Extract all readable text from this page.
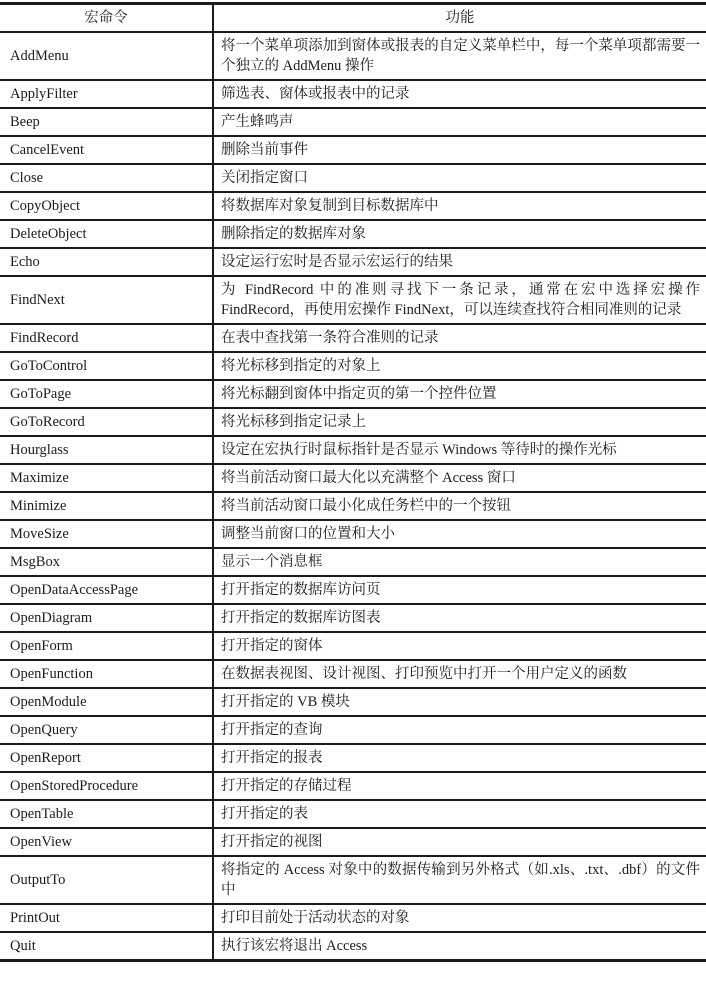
宏命令	功能
AddMenu	将一个菜单项添加到窗体或报表的自定义菜单栏中，每一个菜单项都需要一个独立的 AddMenu 操作
ApplyFilter	筛选表、窗体或报表中的记录
Beep	产生蜂鸣声
CancelEvent	删除当前事件
Close	关闭指定窗口
CopyObject	将数据库对象复制到目标数据库中
DeleteObject	删除指定的数据库对象
Echo	设定运行宏时是否显示宏运行的结果
FindNext	为 FindRecord 中的准则寻找下一条记录，通常在宏中选择宏操作 FindRecord，再使用宏操作 FindNext，可以连续查找符合相同准则的记录
FindRecord	在表中查找第一条符合准则的记录
GoToControl	将光标移到指定的对象上
GoToPage	将光标翻到窗体中指定页的第一个控件位置
GoToRecord	将光标移到指定记录上
Hourglass	设定在宏执行时鼠标指针是否显示 Windows 等待时的操作光标
Maximize	将当前活动窗口最大化以充满整个 Access 窗口
Minimize	将当前活动窗口最小化成任务栏中的一个按钮
MoveSize	调整当前窗口的位置和大小
MsgBox	显示一个消息框
OpenDataAccessPage	打开指定的数据库访问页
OpenDiagram	打开指定的数据库访图表
OpenForm	打开指定的窗体
OpenFunction	在数据表视图、设计视图、打印预览中打开一个用户定义的函数
OpenModule	打开指定的 VB 模块
OpenQuery	打开指定的查询
OpenReport	打开指定的报表
OpenStoredProcedure	打开指定的存储过程
OpenTable	打开指定的表
OpenView	打开指定的视图
OutputTo	将指定的 Access 对象中的数据传输到另外格式（如.xls、.txt、.dbf）的文件中
PrintOut	打印目前处于活动状态的对象
Quit	执行该宏将退出 Access
